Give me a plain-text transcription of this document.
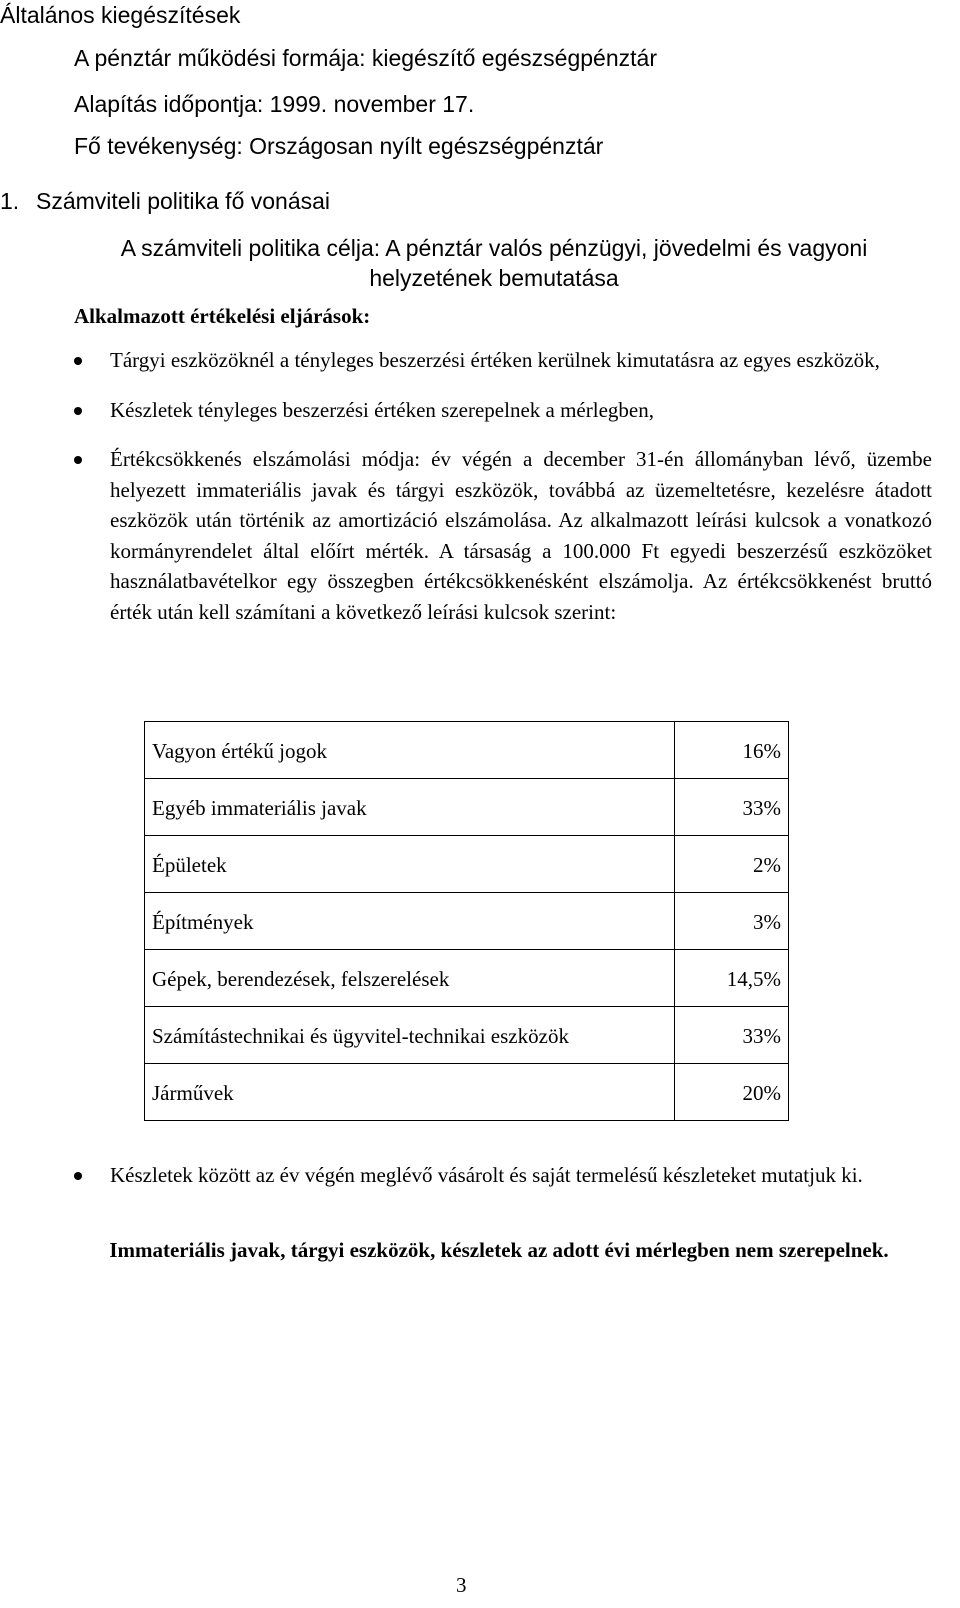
Általános kiegészítések
A pénztár működési formája: kiegészítő egészségpénztár
Alapítás időpontja: 1999. november 17.
Fő tevékenység: Országosan nyílt egészségpénztár
1. Számviteli politika fő vonásai
A számviteli politika célja: A pénztár valós pénzügyi, jövedelmi és vagyoni helyzetének bemutatása
Alkalmazott értékelési eljárások:
Tárgyi eszközöknél a tényleges beszerzési értéken kerülnek kimutatásra az egyes eszközök,
Készletek tényleges beszerzési értéken szerepelnek a mérlegben,
Értékcsökkenés elszámolási módja: év végén a december 31-én állományban lévő, üzembe helyezett immateriális javak és tárgyi eszközök, továbbá az üzemeltetésre, kezelésre átadott eszközök után történik az amortizáció elszámolása. Az alkalmazott leírási kulcsok a vonatkozó kormányrendelet által előírt mérték. A társaság a 100.000 Ft egyedi beszerzésű eszközöket használatbavételkor egy összegben értékcsökkenésként elszámolja. Az értékcsökkenést bruttó érték után kell számítani a következő leírási kulcsok szerint:
Vagyon értékű jogok	16%
Egyéb immateriális javak	33%
Épületek	2%
Építmények	3%
Gépek, berendezések, felszerelések	14,5%
Számítástechnikai és ügyvitel-technikai eszközök	33%
Járművek	20%
Készletek között az év végén meglévő vásárolt és saját termelésű készleteket mutatjuk ki.
Immateriális javak, tárgyi eszközök, készletek az adott évi mérlegben nem szerepelnek.
3
